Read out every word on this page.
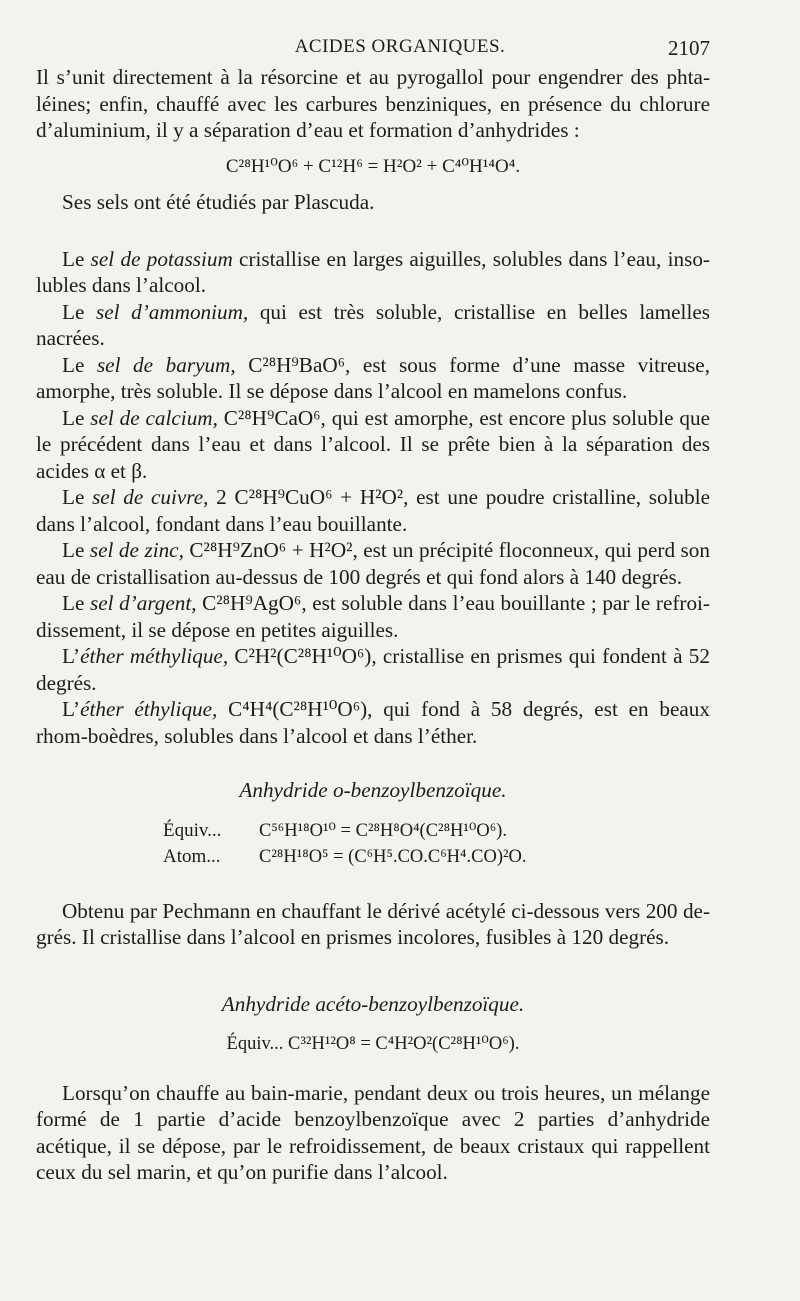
ACIDES ORGANIQUES.	2107

Il s’unit directement à la résorcine et au pyrogallol pour engendrer des phta-léines; enfin, chauffé avec les carbures benziniques, en présence du chlorure d’aluminium, il y a séparation d’eau et formation d’anhydrides :

C²⁸H¹⁰O⁶ + C¹²H⁶ = H²O² + C⁴⁰H¹⁴O⁴.

Ses sels ont été étudiés par Plascuda.

Le sel de potassium cristallise en larges aiguilles, solubles dans l’eau, inso-lubles dans l’alcool.

Le sel d’ammonium, qui est très soluble, cristallise en belles lamelles nacrées.

Le sel de baryum, C²⁸H⁹BaO⁶, est sous forme d’une masse vitreuse, amorphe, très soluble. Il se dépose dans l’alcool en mamelons confus.

Le sel de calcium, C²⁸H⁹CaO⁶, qui est amorphe, est encore plus soluble que le précédent dans l’eau et dans l’alcool. Il se prête bien à la séparation des acides α et β.

Le sel de cuivre, 2 C²⁸H⁹CuO⁶ + H²O², est une poudre cristalline, soluble dans l’alcool, fondant dans l’eau bouillante.

Le sel de zinc, C²⁸H⁹ZnO⁶ + H²O², est un précipité floconneux, qui perd son eau de cristallisation au-dessus de 100 degrés et qui fond alors à 140 degrés.

Le sel d’argent, C²⁸H⁹AgO⁶, est soluble dans l’eau bouillante ; par le refroi-dissement, il se dépose en petites aiguilles.

L’éther méthylique, C²H²(C²⁸H¹⁰O⁶), cristallise en prismes qui fondent à 52 degrés.

L’éther éthylique, C⁴H⁴(C²⁸H¹⁰O⁶), qui fond à 58 degrés, est en beaux rhom-boèdres, solubles dans l’alcool et dans l’éther.

Anhydride o-benzoylbenzoïque.

Équiv... C⁵⁶H¹⁸O¹⁰ = C²⁸H⁸O⁴(C²⁸H¹⁰O⁶).
Atom... C²⁸H¹⁸O⁵ = (C⁶H⁵.CO.C⁶H⁴.CO)²O.

Obtenu par Pechmann en chauffant le dérivé acétylé ci-dessous vers 200 de-grés. Il cristallise dans l’alcool en prismes incolores, fusibles à 120 degrés.

Anhydride acéto-benzoylbenzoïque.

Équiv... C³²H¹²O⁸ = C⁴H²O²(C²⁸H¹⁰O⁶).

Lorsqu’on chauffe au bain-marie, pendant deux ou trois heures, un mélange formé de 1 partie d’acide benzoylbenzoïque avec 2 parties d’anhydride acétique, il se dépose, par le refroidissement, de beaux cristaux qui rappellent ceux du sel marin, et qu’on purifie dans l’alcool.
